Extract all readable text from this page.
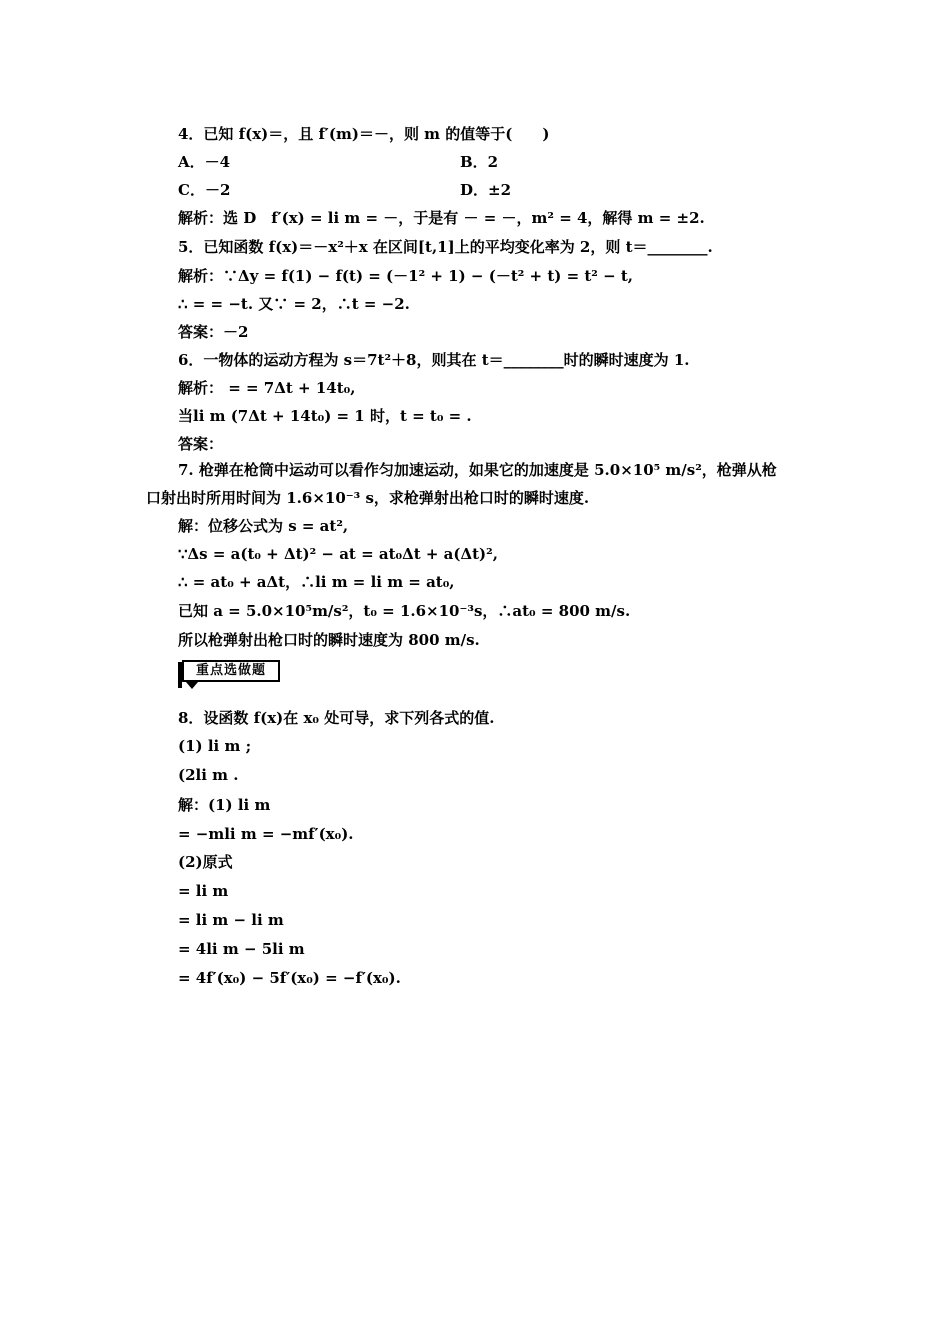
4．已知 f(x)＝，且 f′(m)＝－，则 m 的值等于(　　)
A．－4	B．2
C．－2	D．±2
解析：选 D　f′(x) = li m = －，于是有 － = －，m² = 4，解得 m = ±2.
5．已知函数 f(x)＝－x²＋x 在区间[t,1]上的平均变化率为 2，则 t＝________.
解析：∵Δy = f(1) − f(t) = (－1² + 1) − (－t² + t) = t² − t,
∴ = = −t. 又∵ = 2，∴t = −2.
答案：－2
6．一物体的运动方程为 s＝7t²＋8，则其在 t＝________时的瞬时速度为 1.
解析： = = 7Δt + 14t₀,
当li m (7Δt + 14t₀) = 1 时，t = t₀ = .
答案：
7. 枪弹在枪筒中运动可以看作匀加速运动，如果它的加速度是 5.0×10⁵ m/s²，枪弹从枪
口射出时所用时间为 1.6×10⁻³ s，求枪弹射出枪口时的瞬时速度.
解：位移公式为 s = at²,
∵Δs = a(t₀ + Δt)² − at = at₀Δt + a(Δt)²,
∴ = at₀ + aΔt，∴li m = li m = at₀,
已知 a = 5.0×10⁵m/s²，t₀ = 1.6×10⁻³s，∴at₀ = 800 m/s.
所以枪弹射出枪口时的瞬时速度为 800 m/s.
重点选做题
8．设函数 f(x)在 x₀ 处可导，求下列各式的值.
(1) li m ;
(2li m .
解：(1) li m
= −mli m = −mf′(x₀).
(2)原式
= li m
= li m − li m
= 4li m − 5li m
= 4f′(x₀) − 5f′(x₀) = −f′(x₀).
